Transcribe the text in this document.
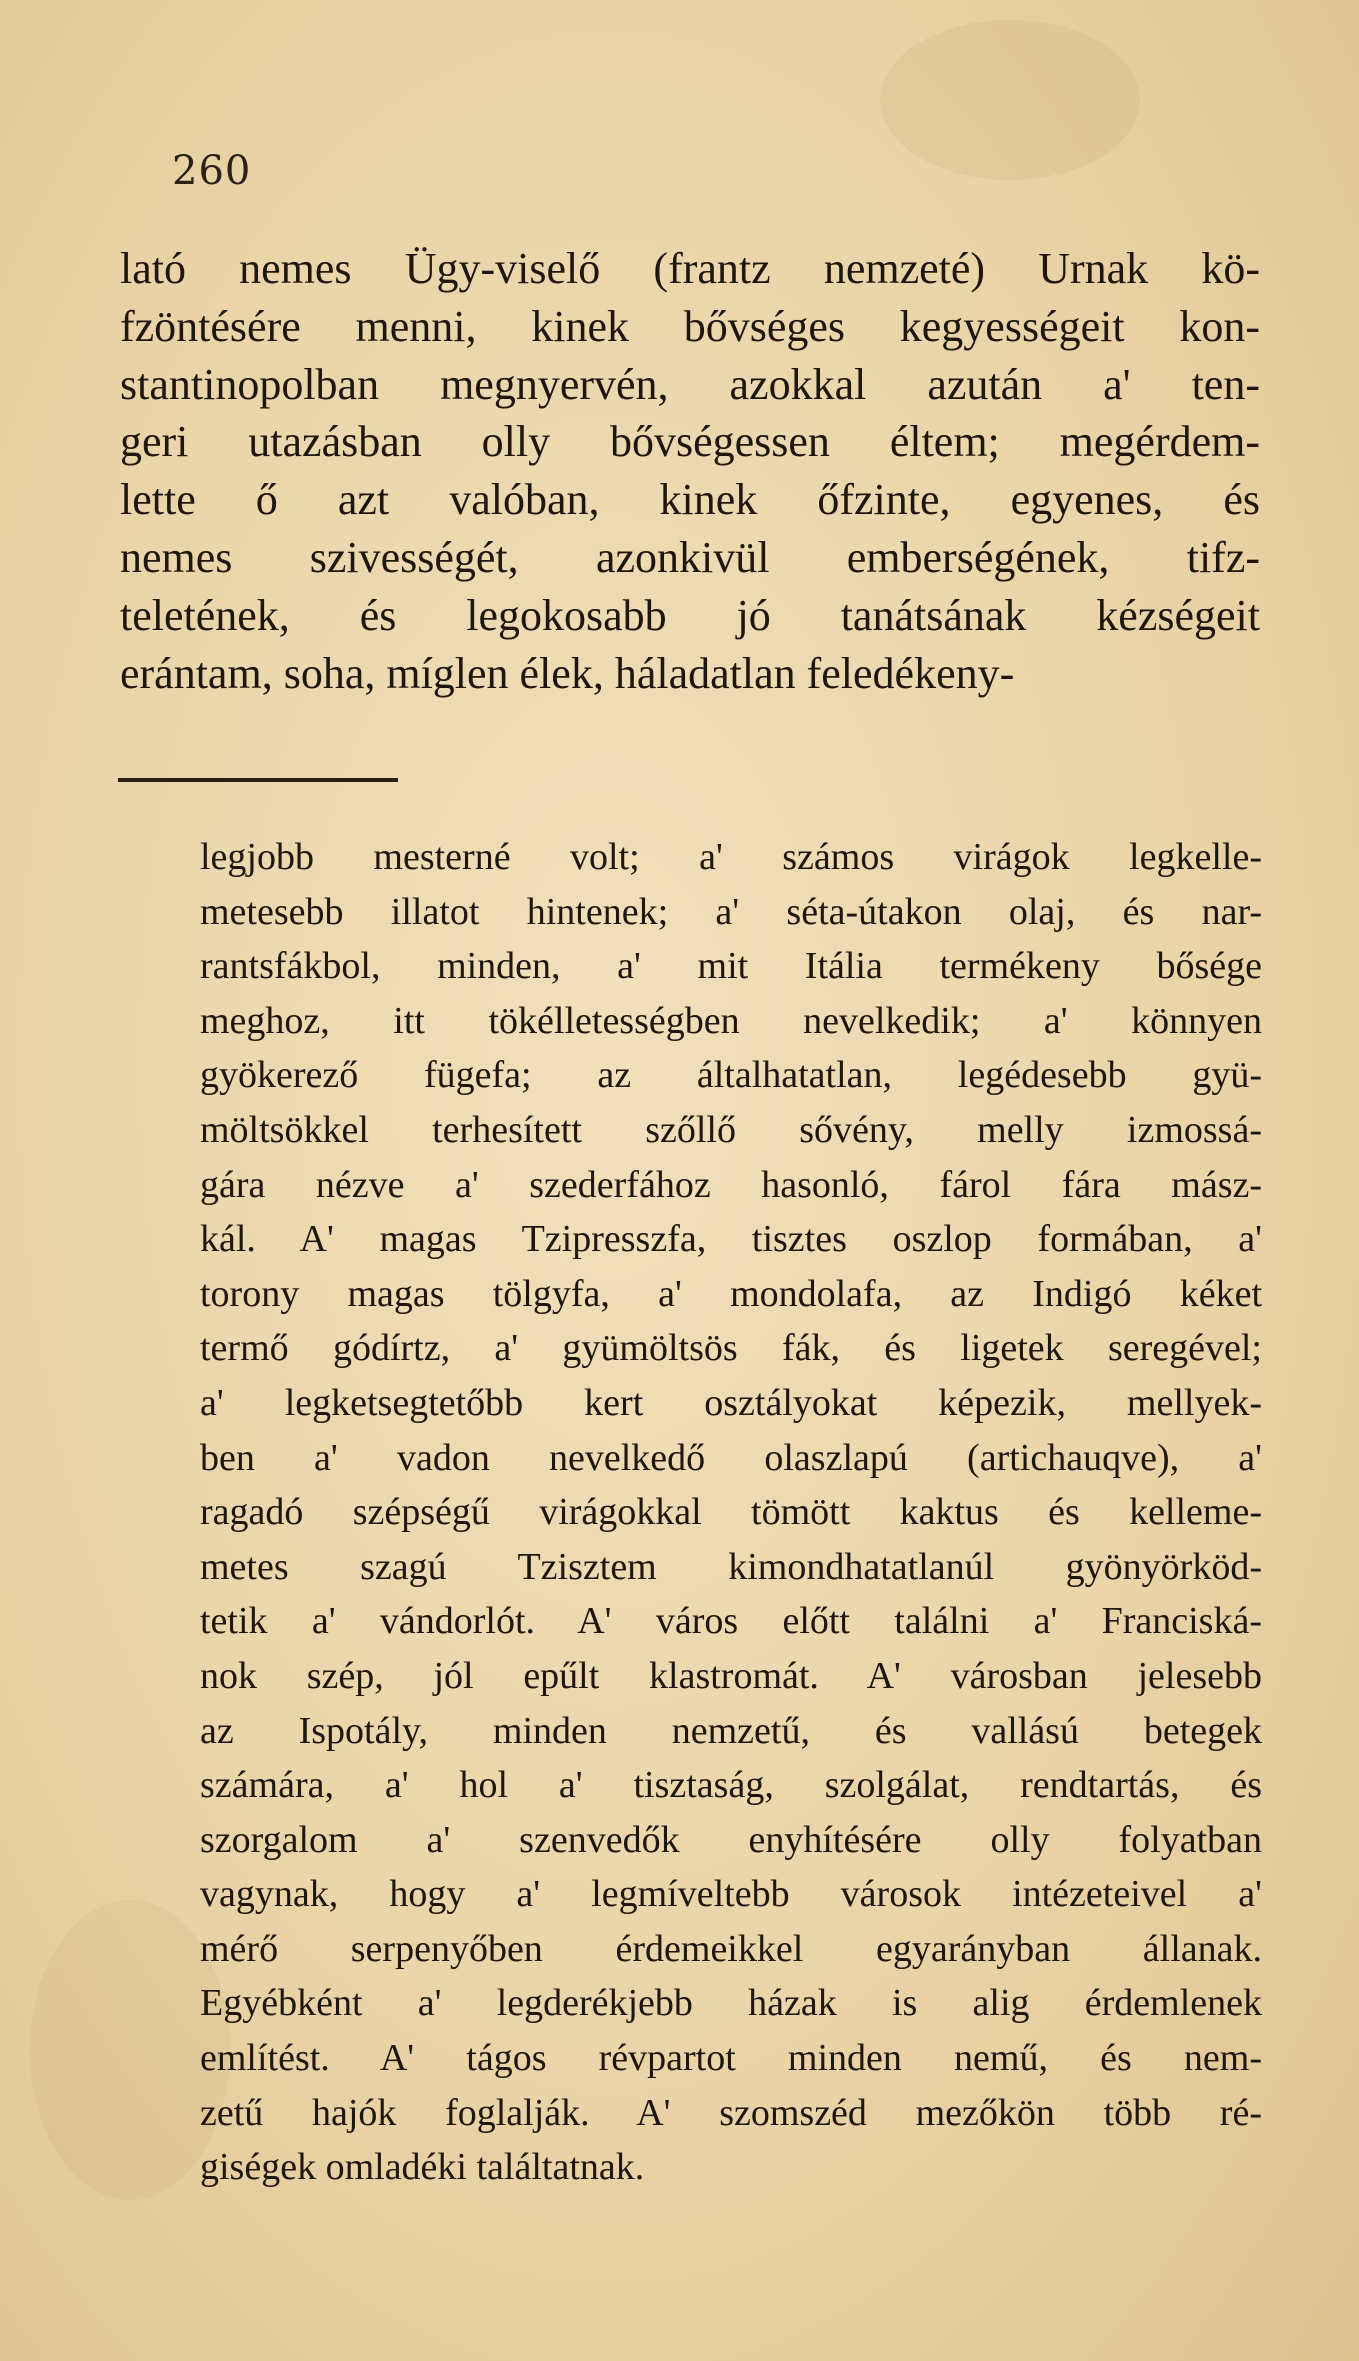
260
lató nemes Ügy-viselő (frantz nemzeté) Urnak kö-
fzöntésére menni, kinek bővséges kegyességeit kon-
stantinopolban megnyervén, azokkal azután a' ten-
geri utazásban olly bővségessen éltem; megérdem-
lette ő azt valóban, kinek őfzinte, egyenes, és
nemes szivességét, azonkivül emberségének, tifz-
teletének, és legokosabb jó tanátsának kézségeit
erántam, soha, míglen élek, háladatlan feledékeny-
legjobb mesterné volt; a' számos virágok legkelle-
metesebb illatot hintenek; a' séta-útakon olaj, és nar-
rantsfákbol, minden, a' mit Itália termékeny bősége
meghoz, itt tökélletességben nevelkedik; a' könnyen
gyökerező fügefa; az általhatatlan, legédesebb gyü-
möltsökkel terhesített szőllő sővény, melly izmossá-
gára nézve a' szederfához hasonló, fárol fára mász-
kál. A' magas Tzipresszfa, tisztes oszlop formában, a'
torony magas tölgyfa, a' mondolafa, az Indigó kéket
termő gódírtz, a' gyümöltsös fák, és ligetek seregével;
a' legketsegtetőbb kert osztályokat képezik, mellyek-
ben a' vadon nevelkedő olaszlapú (artichauqve), a'
ragadó szépségű virágokkal tömött kaktus és kelleme-
metes szagú Tzisztem kimondhatatlanúl gyönyörköd-
tetik a' vándorlót. A' város előtt találni a' Franciská-
nok szép, jól epűlt klastromát. A' városban jelesebb
az Ispotály, minden nemzetű, és vallású betegek
számára, a' hol a' tisztaság, szolgálat, rendtartás, és
szorgalom a' szenvedők enyhítésére olly folyatban
vagynak, hogy a' legmíveltebb városok intézeteivel a'
mérő serpenyőben érdemeikkel egyarányban állanak.
Egyébként a' legderékjebb házak is alig érdemlenek
említést. A' tágos révpartot minden nemű, és nem-
zetű hajók foglalják. A' szomszéd mezőkön több ré-
giségek omladéki találtatnak.
